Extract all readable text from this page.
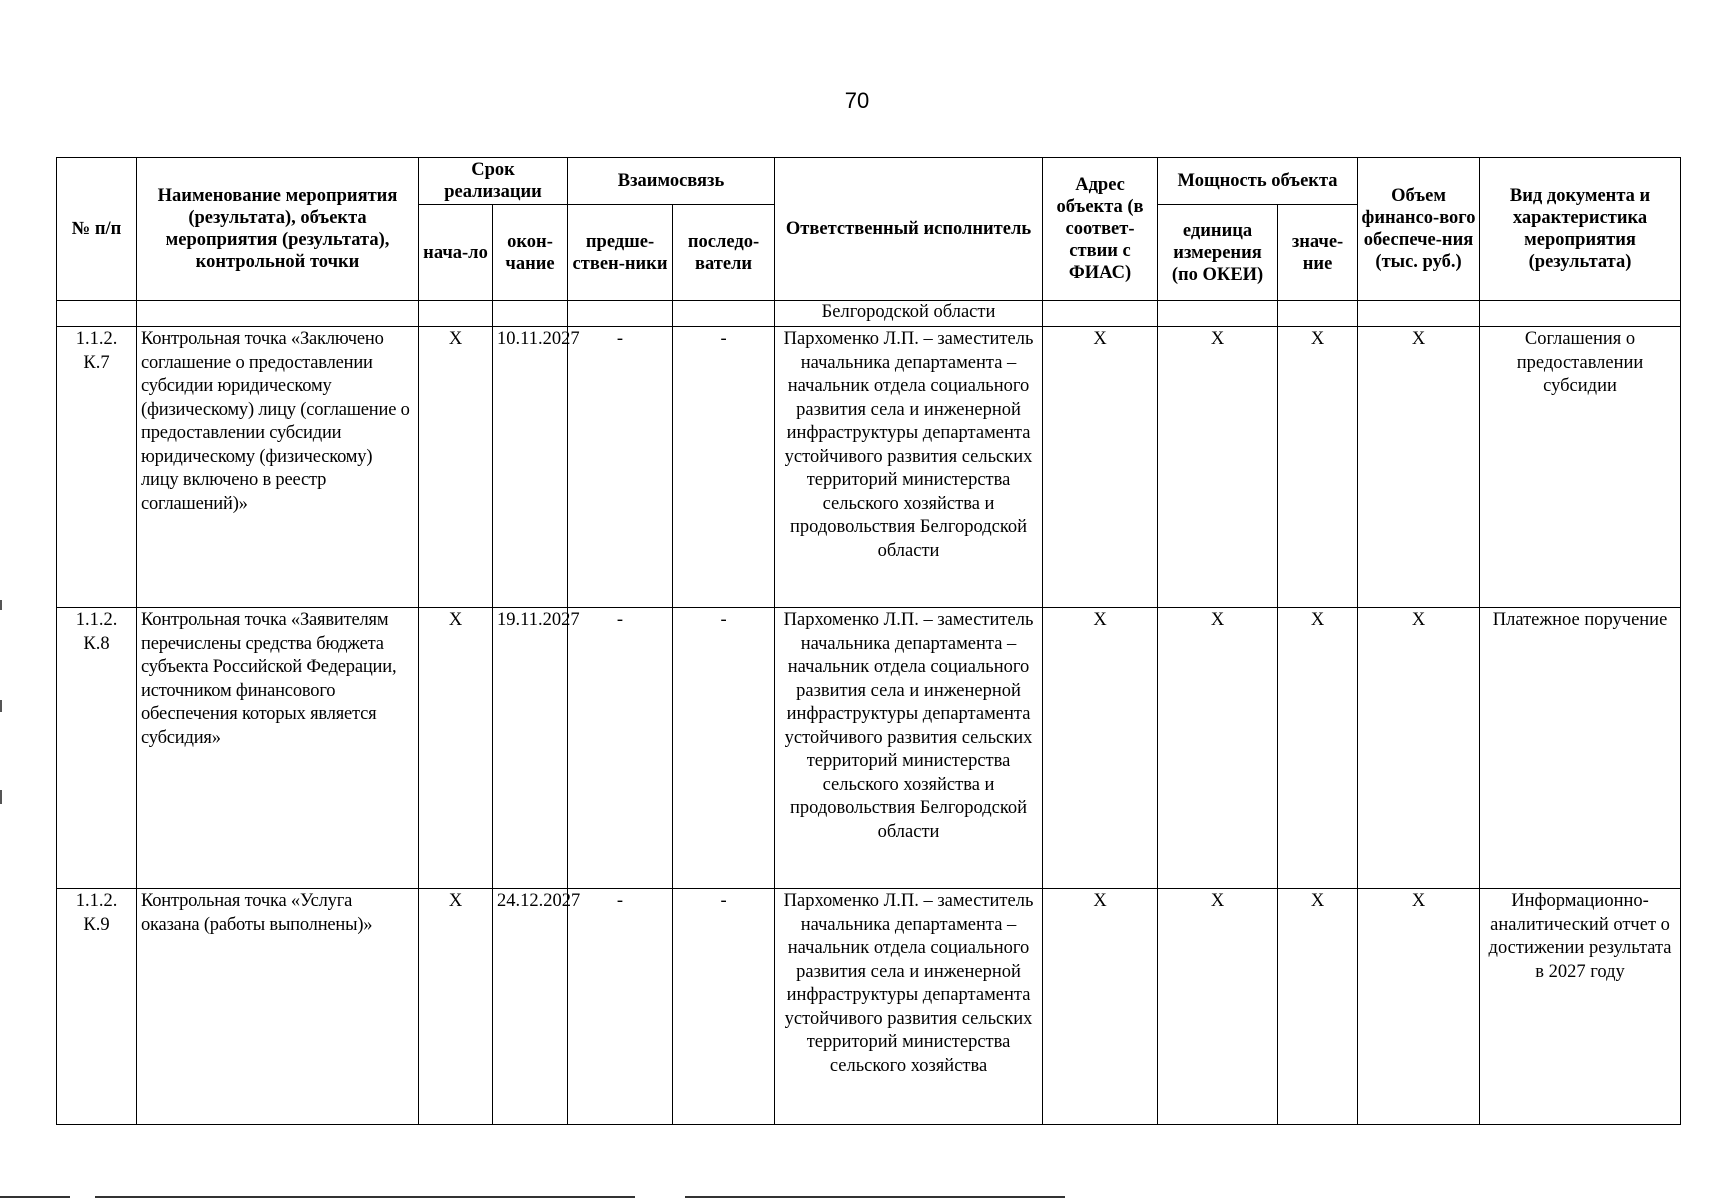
70
№ п/п	Наименование мероприятия (результата), объекта мероприятия (результата), контрольной точки	Срок реализации		Взаимосвязь		Ответственный исполнитель	Адрес объекта (в соответ-ствии с ФИАС)	Мощность объекта		Объем финансо-вого обеспече-ния (тыс. руб.)	Вид документа и характеристика мероприятия (результата)
		нача-ло	окон-чание	предше-ствен-ники	последо-ватели			единица измерения (по ОКЕИ)	значе-ние		
						Белгородской области					
1.1.2. К.7	Контрольная точка «Заключено соглашение о предоставлении субсидии юридическому (физическому) лицу (соглашение о предоставлении субсидии юридическому (физическому) лицу включено в реестр соглашений)»	X	10.11.2027	-	-	Пархоменко Л.П. – заместитель начальника департамента – начальник отдела социального развития села и инженерной инфраструктуры департамента устойчивого развития сельских территорий министерства сельского хозяйства и продовольствия Белгородской области	X	X	X	X	Соглашения о предоставлении субсидии
1.1.2. К.8	Контрольная точка «Заявителям перечислены средства бюджета субъекта Российской Федерации, источником финансового обеспечения которых является субсидия»	X	19.11.2027	-	-	Пархоменко Л.П. – заместитель начальника департамента – начальник отдела социального развития села и инженерной инфраструктуры департамента устойчивого развития сельских территорий министерства сельского хозяйства и продовольствия Белгородской области	X	X	X	X	Платежное поручение
1.1.2. К.9	Контрольная точка «Услуга оказана (работы выполнены)»	X	24.12.2027	-	-	Пархоменко Л.П. – заместитель начальника департамента – начальник отдела социального развития села и инженерной инфраструктуры департамента устойчивого развития сельских территорий министерства сельского хозяйства	X	X	X	X	Информационно-аналитический отчет о достижении результата в 2027 году
